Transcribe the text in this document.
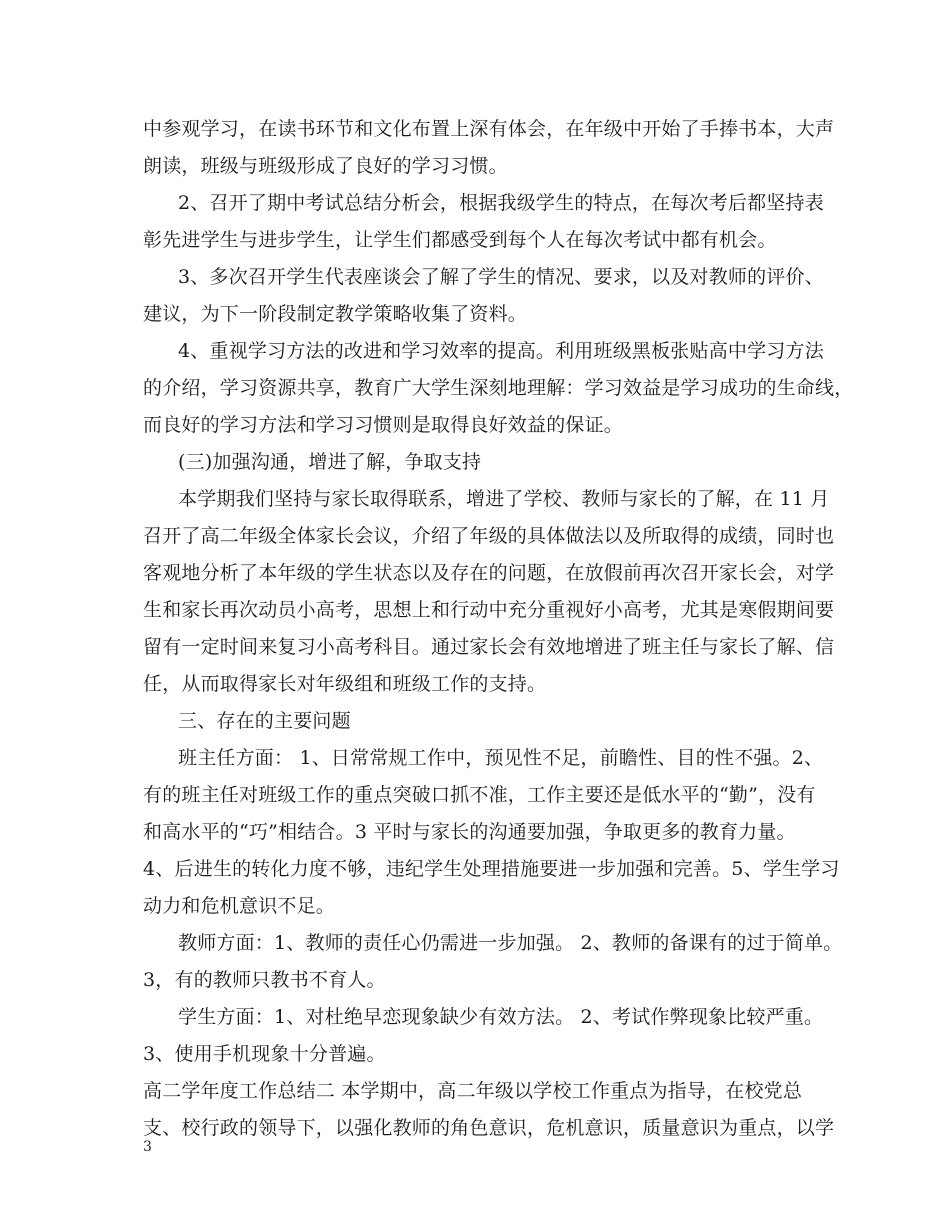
中参观学习，在读书环节和文化布置上深有体会，在年级中开始了手捧书本，大声
朗读，班级与班级形成了良好的学习习惯。
2、召开了期中考试总结分析会，根据我级学生的特点，在每次考后都坚持表
彰先进学生与进步学生，让学生们都感受到每个人在每次考试中都有机会。
3、多次召开学生代表座谈会了解了学生的情况、要求，以及对教师的评价、
建议，为下一阶段制定教学策略收集了资料。
4、重视学习方法的改进和学习效率的提高。利用班级黑板张贴高中学习方法
的介绍，学习资源共享，教育广大学生深刻地理解：学习效益是学习成功的生命线，
而良好的学习方法和学习习惯则是取得良好效益的保证。
(三)加强沟通，增进了解，争取支持
本学期我们坚持与家长取得联系，增进了学校、教师与家长的了解，在 11 月
召开了高二年级全体家长会议，介绍了年级的具体做法以及所取得的成绩，同时也
客观地分析了本年级的学生状态以及存在的问题，在放假前再次召开家长会，对学
生和家长再次动员小高考，思想上和行动中充分重视好小高考，尤其是寒假期间要
留有一定时间来复习小高考科目。通过家长会有效地增进了班主任与家长了解、信
任，从而取得家长对年级组和班级工作的支持。
三、存在的主要问题
班主任方面： 1、日常常规工作中，预见性不足，前瞻性、目的性不强。2、
有的班主任对班级工作的重点突破口抓不准，工作主要还是低水平的“勤”，没有
和高水平的“巧”相结合。3 平时与家长的沟通要加强，争取更多的教育力量。
4、后进生的转化力度不够，违纪学生处理措施要进一步加强和完善。5、学生学习
动力和危机意识不足。
教师方面：1、教师的责任心仍需进一步加强。 2、教师的备课有的过于简单。
3，有的教师只教书不育人。
学生方面：1、对杜绝早恋现象缺少有效方法。 2、考试作弊现象比较严重。
3、使用手机现象十分普遍。
高二学年度工作总结二 本学期中，高二年级以学校工作重点为指导，在校党总
支、校行政的领导下，以强化教师的角色意识，危机意识，质量意识为重点，以学
3
